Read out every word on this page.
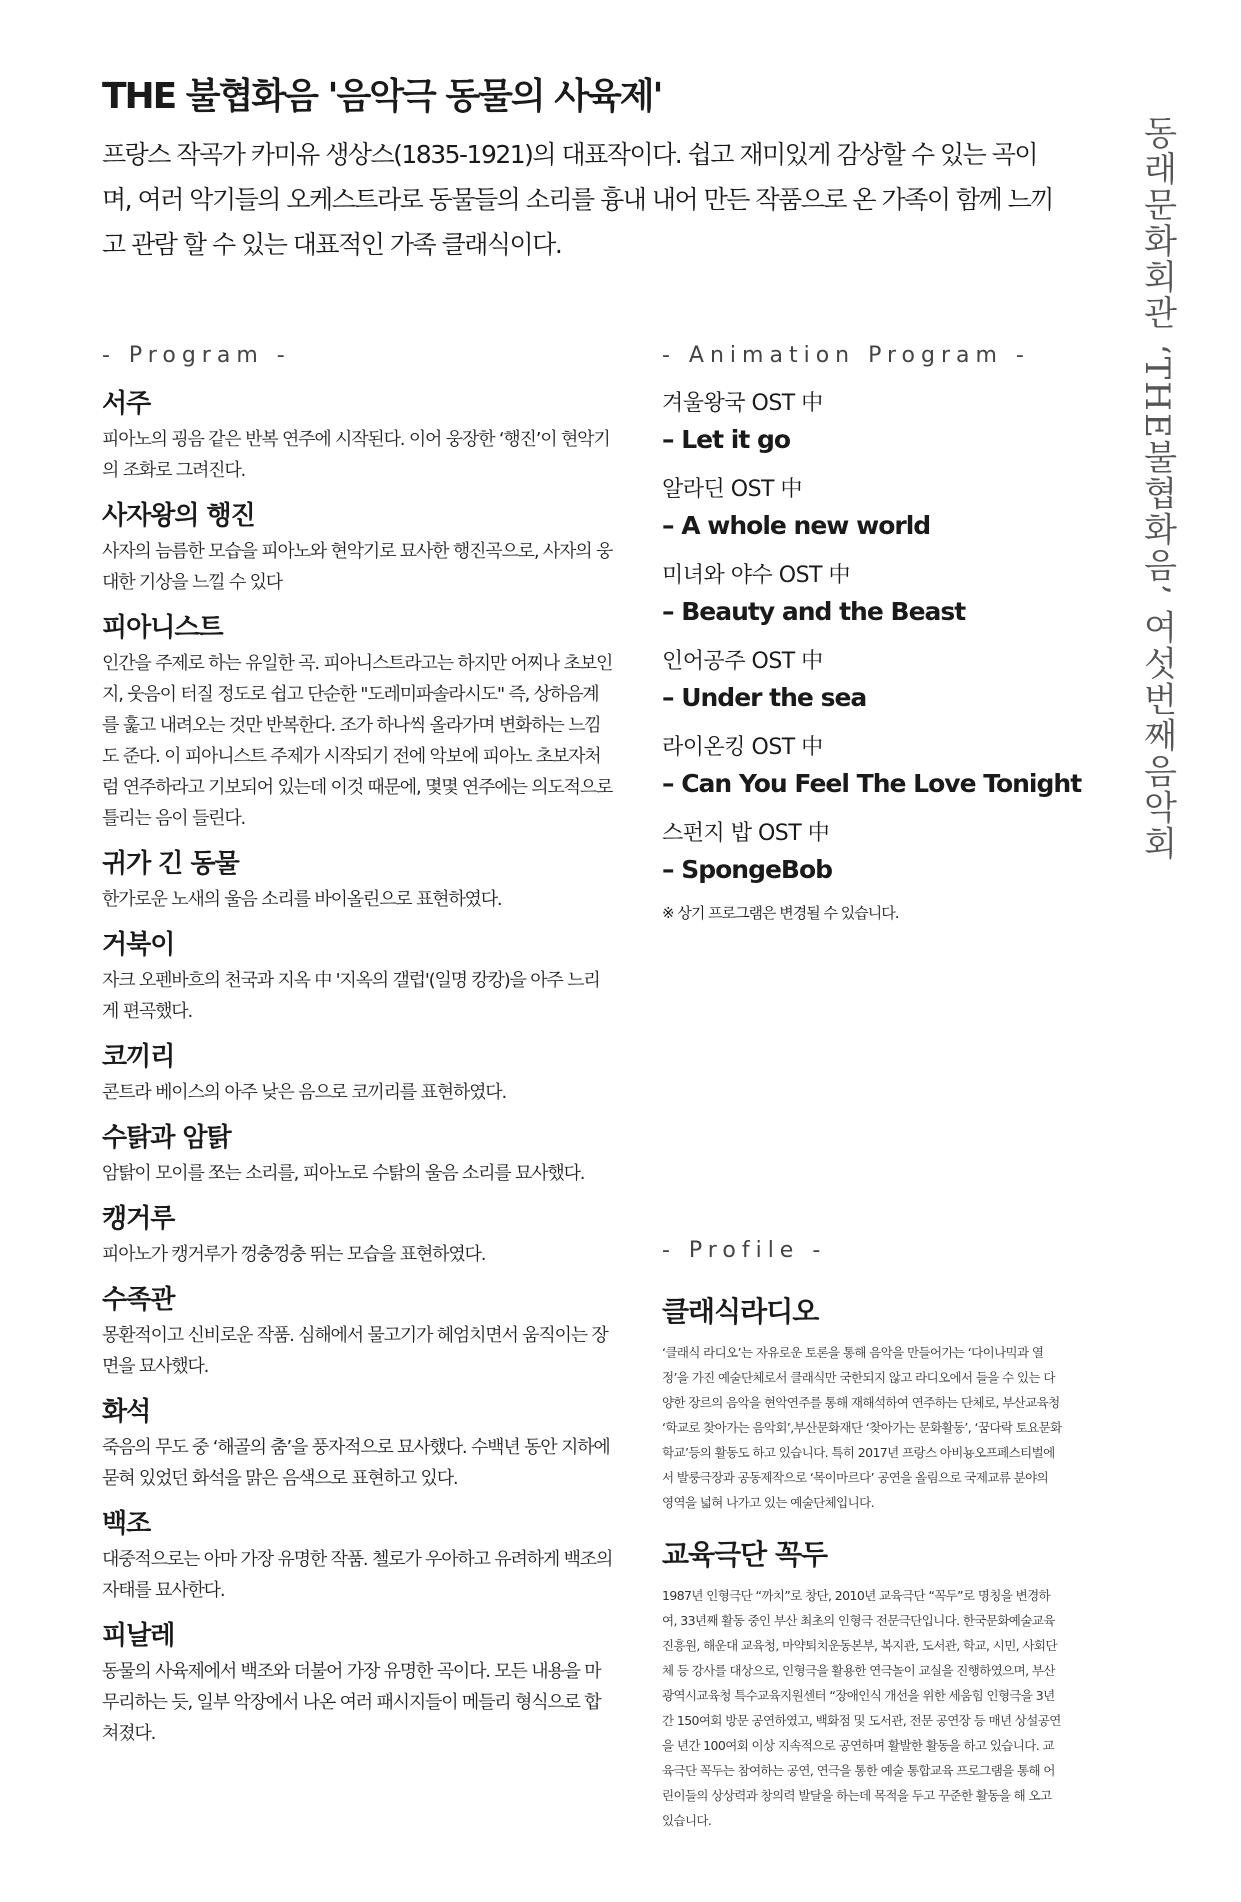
THE 불협화음 '음악극 동물의 사육제'

프랑스 작곡가 카미유 생상스(1835-1921)의 대표작이다. 쉽고 재미있게 감상할 수 있는 곡이며, 여러 악기들의 오케스트라로 동물들의 소리를 흉내 내어 만든 작품으로 온 가족이 함께 느끼고 관람 할 수 있는 대표적인 가족 클래식이다.

- Program -	- Animation Program -
- Profile -
서주

피아노의 굉음 같은 반복 연주에 시작된다. 이어 웅장한 ‘행진’이 현악기의 조화로 그려진다.

사자왕의 행진

사자의 늠름한 모습을 피아노와 현악기로 묘사한 행진곡으로, 사자의 웅대한 기상을 느낄 수 있다

피아니스트

인간을 주제로 하는 유일한 곡. 피아니스트라고는 하지만 어찌나 초보인지, 웃음이 터질 정도로 쉽고 단순한 "도레미파솔라시도" 즉, 상하음계를 훑고 내려오는 것만 반복한다. 조가 하나씩 올라가며 변화하는 느낌도 준다. 이 피아니스트 주제가 시작되기 전에 악보에 피아노 초보자처럼 연주하라고 기보되어 있는데 이것 때문에, 몇몇 연주에는 의도적으로 틀리는 음이 들린다.

귀가 긴 동물

한가로운 노새의 울음 소리를 바이올린으로 표현하였다.

거북이

자크 오펜바흐의 천국과 지옥 中 '지옥의 갤럽'(일명 캉캉)을 아주 느리게 편곡했다.

코끼리

콘트라 베이스의 아주 낮은 음으로 코끼리를 표현하였다.

수탉과 암탉

암탉이 모이를 쪼는 소리를, 피아노로 수탉의 울음 소리를 묘사했다.

캥거루

피아노가 캥거루가 껑충껑충 뛰는 모습을 표현하였다.

수족관

몽환적이고 신비로운 작품. 심해에서 물고기가 헤엄치면서 움직이는 장면을 묘사했다.

화석

죽음의 무도 중 ‘해골의 춤’을 풍자적으로 묘사했다. 수백년 동안 지하에 묻혀 있었던 화석을 맑은 음색으로 표현하고 있다.

백조

대중적으로는 아마 가장 유명한 작품. 첼로가 우아하고 유려하게 백조의 자태를 묘사한다.

피날레

동물의 사육제에서 백조와 더불어 가장 유명한 곡이다. 모든 내용을 마무리하는 듯, 일부 악장에서 나온 여러 패시지들이 메들리 형식으로 합쳐졌다.

겨울왕국 OST 中

– Let it go

알라딘 OST 中

– A whole new world

미녀와 야수 OST 中

– Beauty and the Beast

인어공주 OST 中

– Under the sea

라이온킹 OST 中

– Can You Feel The Love Tonight

스펀지 밥 OST 中

– SpongeBob

※ 상기 프로그램은 변경될 수 있습니다.
클래식라디오

‘클래식 라디오’는 자유로운 토론을 통해 음악을 만들어가는 ‘다이나믹과 열정’을 가진 예술단체로서 클래식만 국한되지 않고 라디오에서 들을 수 있는 다양한 장르의 음악을 현악연주를 통해 재해석하여 연주하는 단체로, 부산교육청 ‘학교로 찾아가는 음악회’,부산문화재단 ‘찾아가는 문화활동’, ‘꿈다락 토요문화학교’등의 활동도 하고 있습니다. 특히 2017년 프랑스 아비뇽오프페스티벌에서 발룽극장과 공동제작으로 ‘목이마르다’ 공연을 올림으로 국제교류 분야의 영역을 넓혀 나가고 있는 예술단체입니다.

교육극단 꼭두

1987년 인형극단 “까치”로 창단, 2010년 교육극단 “꼭두”로 명칭을 변경하여, 33년째 활동 중인 부산 최초의 인형극 전문극단입니다. 한국문화예술교육진흥원, 해운대 교육청, 마약퇴치운동본부, 복지관, 도서관, 학교, 시민, 사회단체 등 강사를 대상으로, 인형극을 활용한 연극놀이 교실을 진행하였으며, 부산광역시교육청 특수교육지원센터 “장애인식 개선을 위한 세움힘 인형극을 3년간 150여회 방문 공연하였고, 백화점 및 도서관, 전문 공연장 등 매년 상설공연을 년간 100여회 이상 지속적으로 공연하며 활발한 활동을 하고 있습니다. 교육극단 꼭두는 참여하는 공연, 연극을 통한 예술 통합교육 프로그램을 통해 어린이들의 상상력과 창의력 발달을 하는데 목적을 두고 꾸준한 활동을 해 오고 있습니다.

동래문화회관 ‘THE불협화음’ 여섯번째음악회
